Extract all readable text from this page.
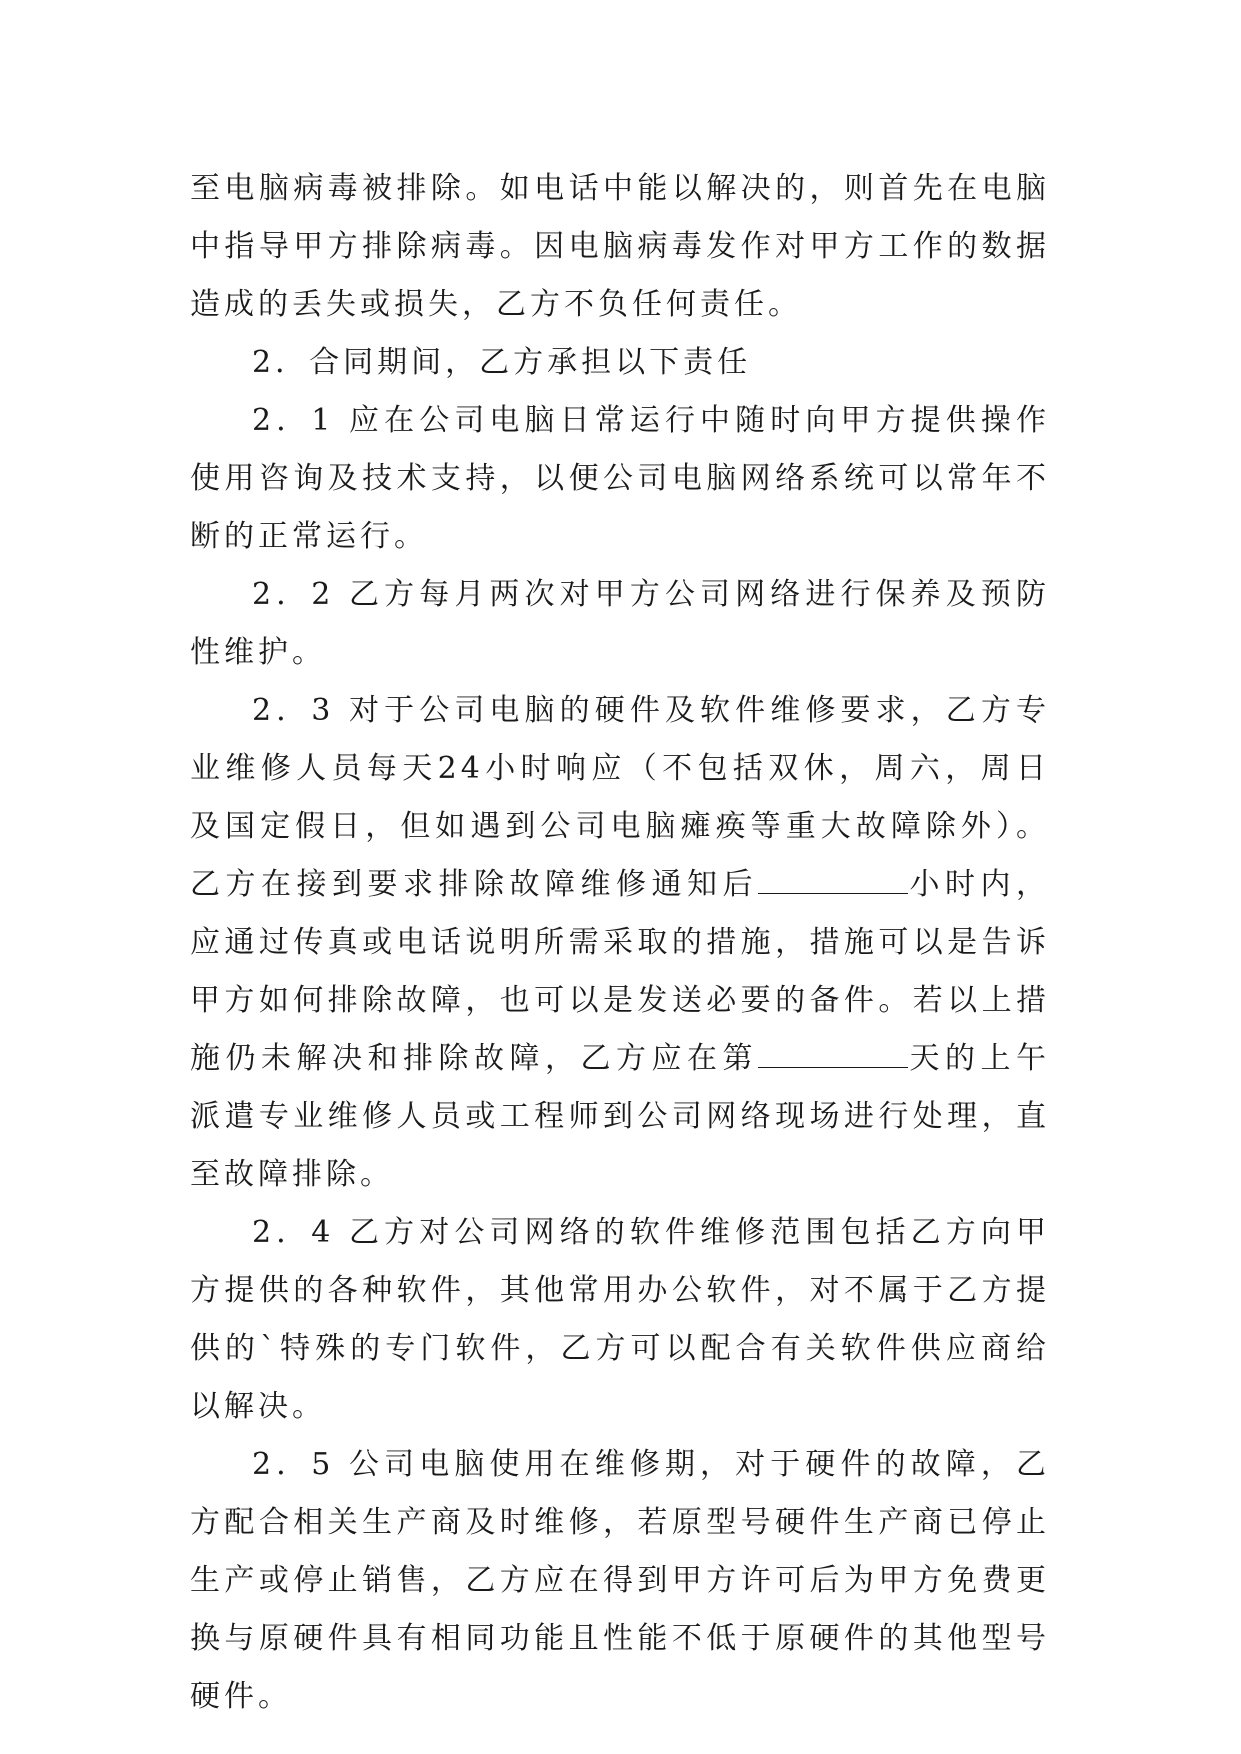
至电脑病毒被排除。如电话中能以解决的，则首先在电脑中指导甲方排除病毒。因电脑病毒发作对甲方工作的数据造成的丢失或损失，乙方不负任何责任。

2．合同期间，乙方承担以下责任

2．1 应在公司电脑日常运行中随时向甲方提供操作使用咨询及技术支持，以便公司电脑网络系统可以常年不断的正常运行。

2．2 乙方每月两次对甲方公司网络进行保养及预防性维护。

2．3 对于公司电脑的硬件及软件维修要求，乙方专业维修人员每天24小时响应（不包括双休，周六，周日及国定假日，但如遇到公司电脑瘫痪等重大故障除外）。乙方在接到要求排除故障维修通知后	小时内，应通过传真或电话说明所需采取的措施，措施可以是告诉甲方如何排除故障，也可以是发送必要的备件。若以上措施仍未解决和排除故障，乙方应在第	天的上午派遣专业维修人员或工程师到公司网络现场进行处理，直至故障排除。

2．4 乙方对公司网络的软件维修范围包括乙方向甲方提供的各种软件，其他常用办公软件，对不属于乙方提供的`特殊的专门软件，乙方可以配合有关软件供应商给以解决。

2．5 公司电脑使用在维修期，对于硬件的故障，乙方配合相关生产商及时维修，若原型号硬件生产商已停止生产或停止销售，乙方应在得到甲方许可后为甲方免费更换与原硬件具有相同功能且性能不低于原硬件的其他型号硬件。
